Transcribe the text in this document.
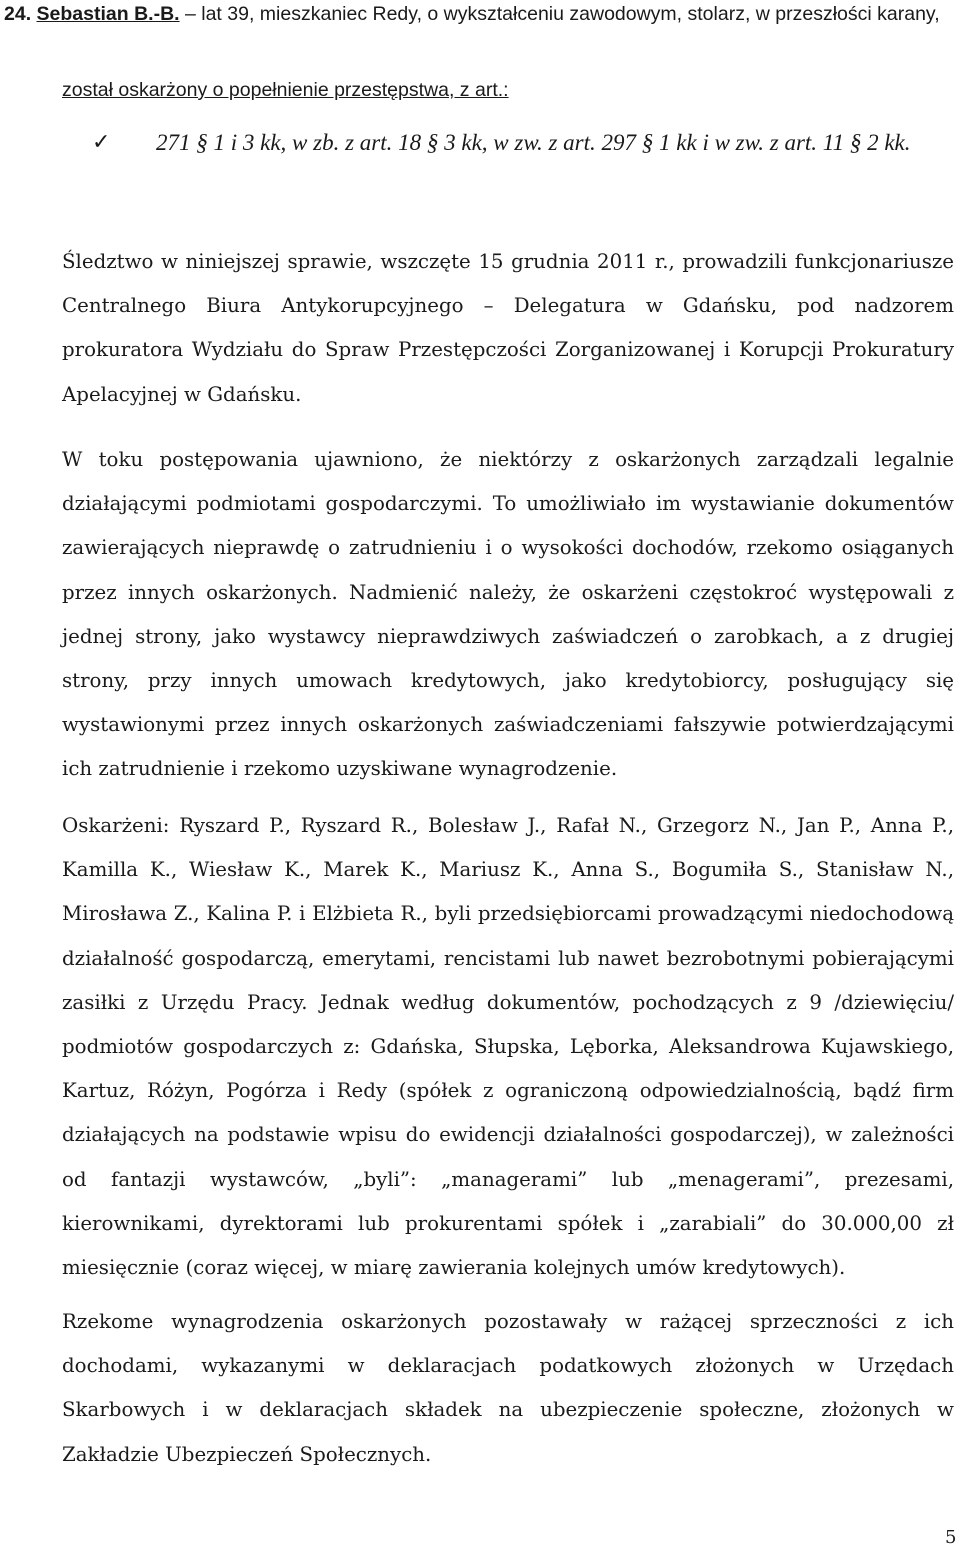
24. Sebastian B.-B. – lat 39, mieszkaniec Redy, o wykształceniu zawodowym, stolarz, w przeszłości karany,
został oskarżony o popełnienie przestępstwa, z art.:
✓ 271 § 1 i 3 kk, w zb. z art. 18 § 3 kk, w zw. z art. 297 § 1 kk i w zw. z art. 11 § 2 kk.

Śledztwo w niniejszej sprawie, wszczęte 15 grudnia 2011 r., prowadzili funkcjonariusze Centralnego Biura Antykorupcyjnego – Delegatura w Gdańsku, pod nadzorem prokuratora Wydziału do Spraw Przestępczości Zorganizowanej i Korupcji Prokuratury Apelacyjnej w Gdańsku.

W toku postępowania ujawniono, że niektórzy z oskarżonych zarządzali legalnie działającymi podmiotami gospodarczymi. To umożliwiało im wystawianie dokumentów zawierających nieprawdę o zatrudnieniu i o wysokości dochodów, rzekomo osiąganych przez innych oskarżonych. Nadmienić należy, że oskarżeni częstokroć występowali z jednej strony, jako wystawcy nieprawdziwych zaświadczeń o zarobkach, a z drugiej strony, przy innych umowach kredytowych, jako kredytobiorcy, posługujący się wystawionymi przez innych oskarżonych zaświadczeniami fałszywie potwierdzającymi ich zatrudnienie i rzekomo uzyskiwane wynagrodzenie.

Oskarżeni: Ryszard P., Ryszard R., Bolesław J., Rafał N., Grzegorz N., Jan P., Anna P., Kamilla K., Wiesław K., Marek K., Mariusz K., Anna S., Bogumiła S., Stanisław N., Mirosława Z., Kalina P. i Elżbieta R., byli przedsiębiorcami prowadzącymi niedochodową działalność gospodarczą, emerytami, rencistami lub nawet bezrobotnymi pobierającymi zasiłki z Urzędu Pracy. Jednak według dokumentów, pochodzących z 9 /dziewięciu/ podmiotów gospodarczych z: Gdańska, Słupska, Lęborka, Aleksandrowa Kujawskiego, Kartuz, Różyn, Pogórza i Redy (spółek z ograniczoną odpowiedzialnością, bądź firm działających na podstawie wpisu do ewidencji działalności gospodarczej), w zależności od fantazji wystawców, „byli”: „managerami” lub „menagerami”, prezesami, kierownikami, dyrektorami lub prokurentami spółek i „zarabiali” do 30.000,00 zł miesięcznie (coraz więcej, w miarę zawierania kolejnych umów kredytowych).

Rzekome wynagrodzenia oskarżonych pozostawały w rażącej sprzeczności z ich dochodami, wykazanymi w deklaracjach podatkowych złożonych w Urzędach Skarbowych i w deklaracjach składek na ubezpieczenie społeczne, złożonych w Zakładzie Ubezpieczeń Społecznych.

5
